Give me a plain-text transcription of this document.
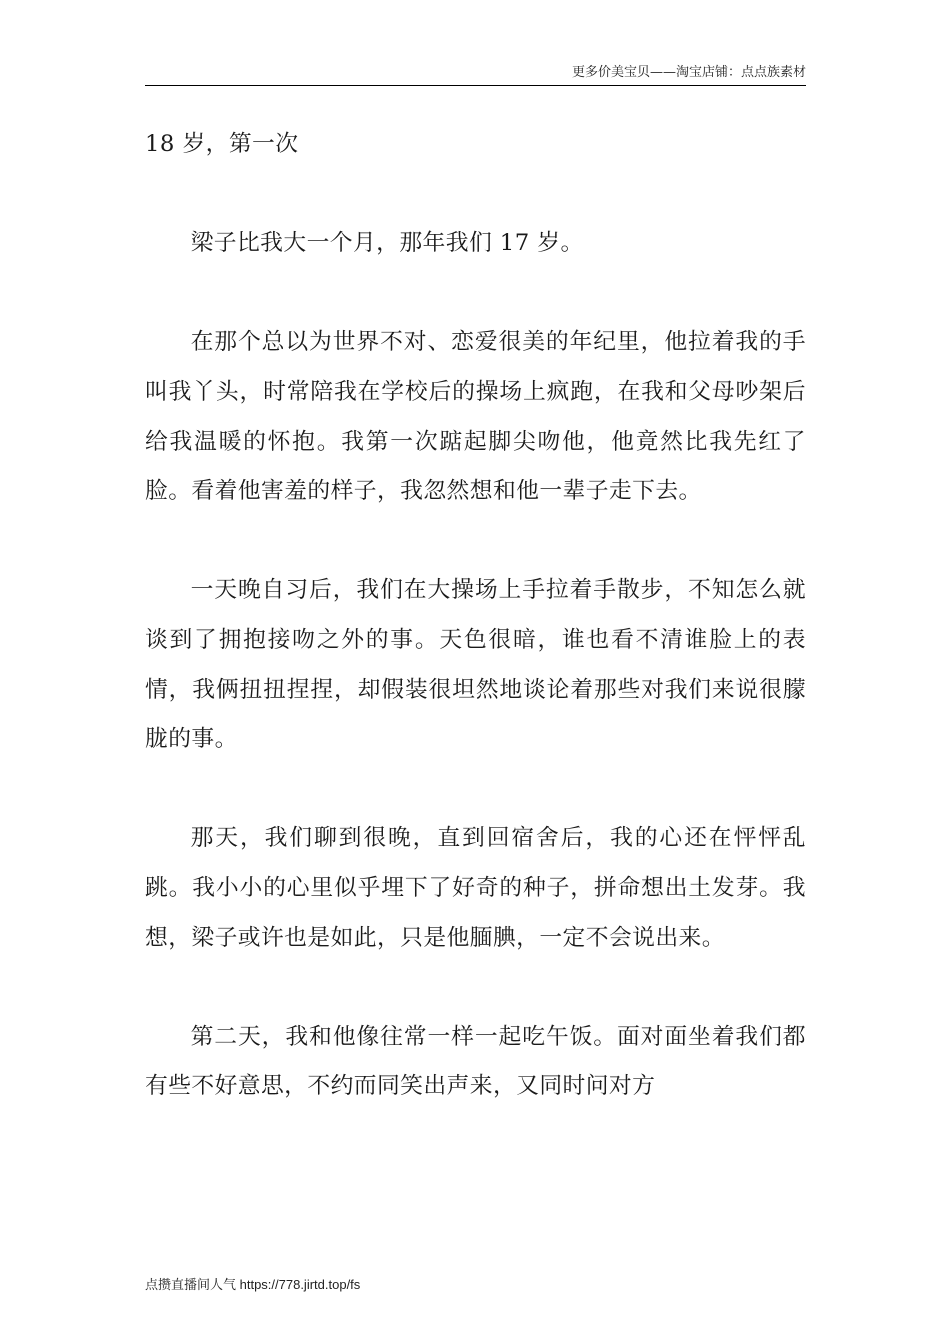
更多价美宝贝——淘宝店铺：点点族素材
18 岁，第一次

梁子比我大一个月，那年我们 17 岁。

在那个总以为世界不对、恋爱很美的年纪里，他拉着我的手叫我丫头，时常陪我在学校后的操场上疯跑，在我和父母吵架后给我温暖的怀抱。我第一次踮起脚尖吻他，他竟然比我先红了脸。看着他害羞的样子，我忽然想和他一辈子走下去。

一天晚自习后，我们在大操场上手拉着手散步，不知怎么就谈到了拥抱接吻之外的事。天色很暗，谁也看不清谁脸上的表情，我俩扭扭捏捏，却假装很坦然地谈论着那些对我们来说很朦胧的事。

那天，我们聊到很晚，直到回宿舍后，我的心还在怦怦乱跳。我小小的心里似乎埋下了好奇的种子，拼命想出土发芽。我想，梁子或许也是如此，只是他腼腆，一定不会说出来。

第二天，我和他像往常一样一起吃午饭。面对面坐着我们都有些不好意思，不约而同笑出声来，又同时问对方

点攒直播间人气 https://778.jirtd.top/fs
